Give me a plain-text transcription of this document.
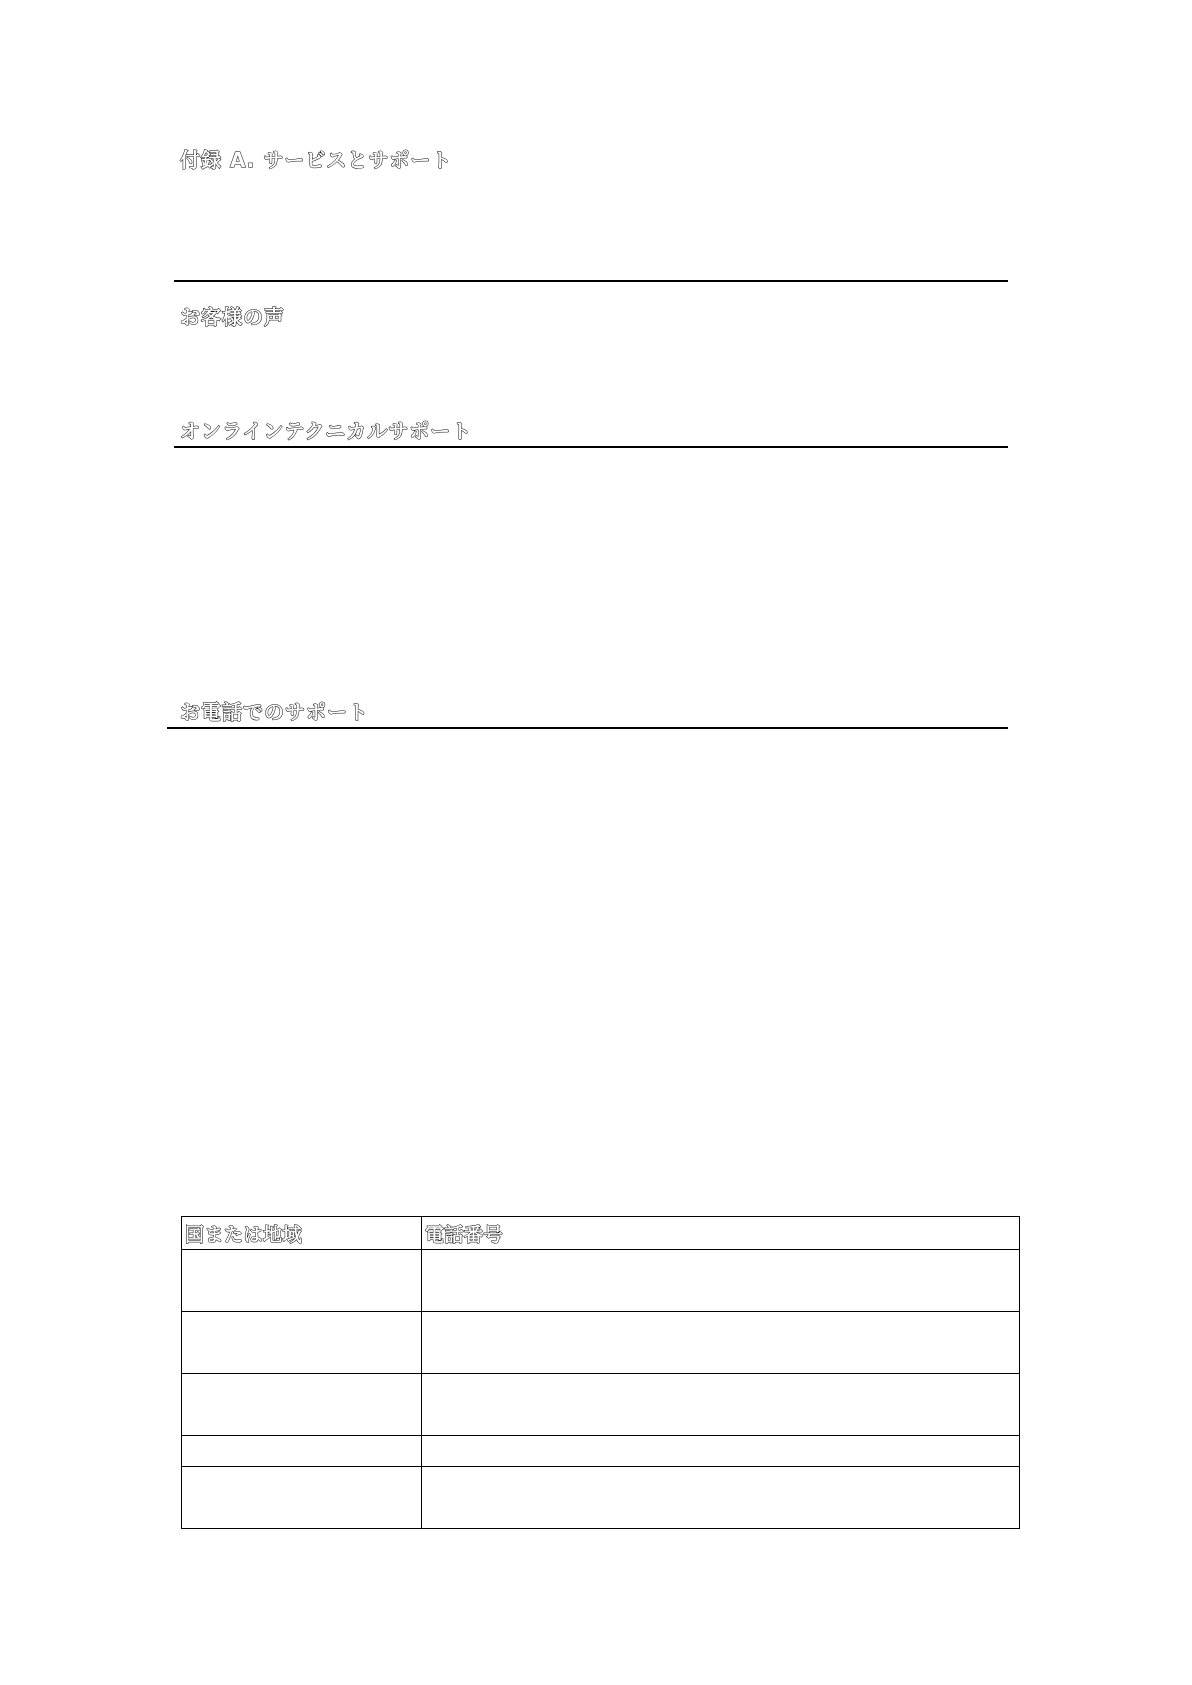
付録 A. サービスとサポート
お客様の声
オンラインテクニカルサポート
お電話でのサポート
国または地域	電話番号
